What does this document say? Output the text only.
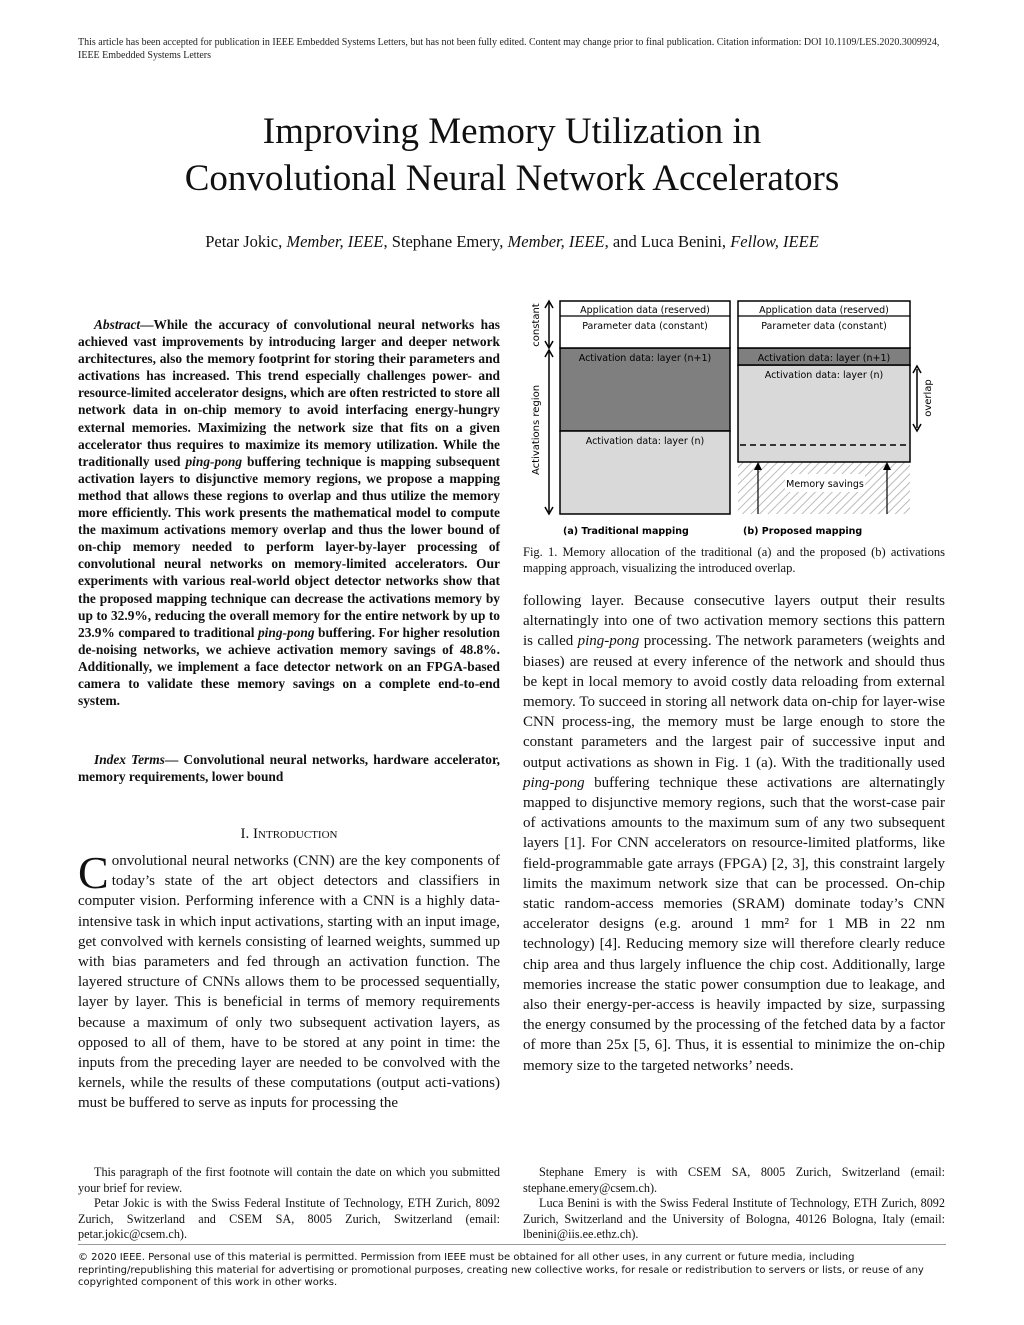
This article has been accepted for publication in IEEE Embedded Systems Letters, but has not been fully edited. Content may change prior to final publication. Citation information: DOI 10.1109/LES.2020.3009924,
IEEE Embedded Systems Letters
Improving Memory Utilization in
Convolutional Neural Network Accelerators
Petar Jokic, Member, IEEE, Stephane Emery, Member, IEEE, and Luca Benini, Fellow, IEEE
Abstract—While the accuracy of convolutional neural networks has achieved vast improvements by introducing larger and deeper network architectures, also the memory footprint for storing their parameters and activations has increased. This trend especially challenges power- and resource-limited accelerator designs, which are often restricted to store all network data in on-chip memory to avoid interfacing energy-hungry external memories. Maximizing the network size that fits on a given accelerator thus requires to maximize its memory utilization. While the traditionally used ping-pong buffering technique is mapping subsequent activation layers to disjunctive memory regions, we propose a mapping method that allows these regions to overlap and thus utilize the memory more efficiently. This work presents the mathematical model to compute the maximum activations memory overlap and thus the lower bound of on-chip memory needed to perform layer-by-layer processing of convolutional neural networks on memory-limited accelerators. Our experiments with various real-world object detector networks show that the proposed mapping technique can decrease the activations memory by up to 32.9%, reducing the overall memory for the entire network by up to 23.9% compared to traditional ping-pong buffering. For higher resolution de-noising networks, we achieve activation memory savings of 48.8%. Additionally, we implement a face detector network on an FPGA-based camera to validate these memory savings on a complete end-to-end system.
Index Terms— Convolutional neural networks, hardware accelerator, memory requirements, lower bound
I. Introduction
Convolutional neural networks (CNN) are the key components of today’s state of the art object detectors and classifiers in computer vision. Performing inference with a CNN is a highly data-intensive task in which input activations, starting with an input image, get convolved with kernels consisting of learned weights, summed up with bias parameters and fed through an activation function. The layered structure of CNNs allows them to be processed sequentially, layer by layer. This is beneficial in terms of memory requirements because a maximum of only two subsequent activation layers, as opposed to all of them, have to be stored at any point in time: the inputs from the preceding layer are needed to be convolved with the kernels, while the results of these computations (output acti-vations) must be buffered to serve as inputs for processing the
constant
Activations region
Application data (reserved)
Parameter data (constant)
Activation data: layer (n+1)
Activation data: layer (n)
Memory savings
Application data (reserved)
Parameter data (constant)
Activation data: layer (n+1)
Activation data: layer (n)
overlap
(a) Traditional mapping	(b) Proposed mapping
Fig. 1. Memory allocation of the traditional (a) and the proposed (b) activations mapping approach, visualizing the introduced overlap.
following layer. Because consecutive layers output their results alternatingly into one of two activation memory sections this pattern is called ping-pong processing. The network parameters (weights and biases) are reused at every inference of the network and should thus be kept in local memory to avoid costly data reloading from external memory. To succeed in storing all network data on-chip for layer-wise CNN process-ing, the memory must be large enough to store the constant parameters and the largest pair of successive input and output activations as shown in Fig. 1 (a). With the traditionally used ping-pong buffering technique these activations are alternatingly mapped to disjunctive memory regions, such that the worst-case pair of activations amounts to the maximum sum of any two subsequent layers [1]. For CNN accelerators on resource-limited platforms, like field-programmable gate arrays (FPGA) [2, 3], this constraint largely limits the maximum network size that can be processed. On-chip static random-access memories (SRAM) dominate today’s CNN accelerator designs (e.g. around 1 mm² for 1 MB in 22 nm technology) [4]. Reducing memory size will therefore clearly reduce chip area and thus largely influence the chip cost. Additionally, large memories increase the static power consumption due to leakage, and also their energy-per-access is heavily impacted by size, surpassing the energy consumed by the processing of the fetched data by a factor of more than 25x [5, 6]. Thus, it is essential to minimize the on-chip memory size to the targeted networks’ needs.

This paragraph of the first footnote will contain the date on which you submitted your brief for review.

Petar Jokic is with the Swiss Federal Institute of Technology, ETH Zurich, 8092 Zurich, Switzerland and CSEM SA, 8005 Zurich, Switzerland (email: petar.jokic@csem.ch).

Stephane Emery is with CSEM SA, 8005 Zurich, Switzerland (email: stephane.emery@csem.ch).

Luca Benini is with the Swiss Federal Institute of Technology, ETH Zurich, 8092 Zurich, Switzerland and the University of Bologna, 40126 Bologna, Italy (email: lbenini@iis.ee.ethz.ch).

© 2020 IEEE. Personal use of this material is permitted. Permission from IEEE must be obtained for all other uses, in any current or future media, including reprinting/republishing this material for advertising or promotional purposes, creating new collective works, for resale or redistribution to servers or lists, or reuse of any copyrighted component of this work in other works.
